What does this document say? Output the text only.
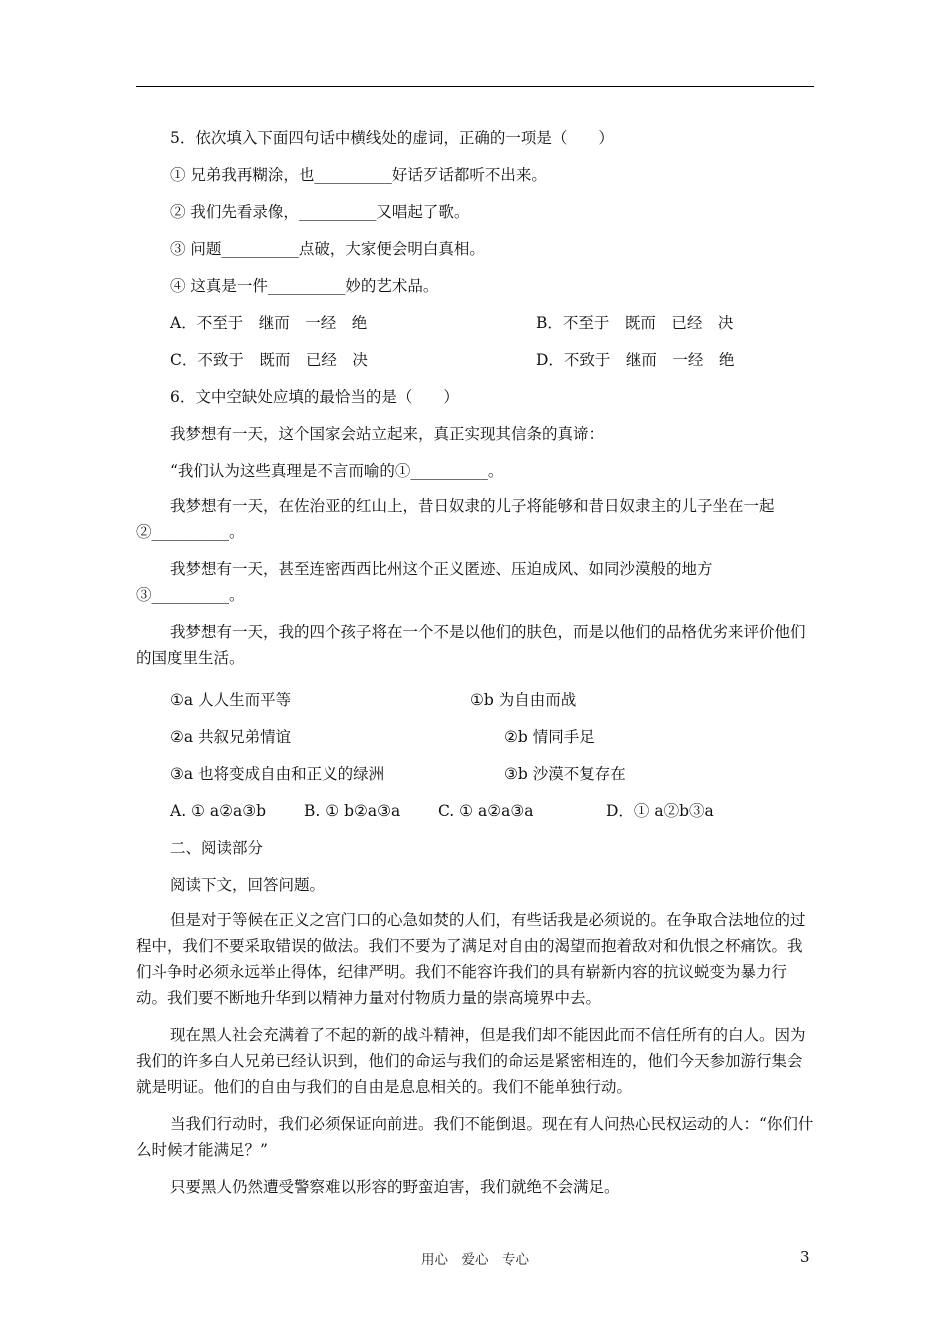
5．依次填入下面四句话中横线处的虚词，正确的一项是（　　）
① 兄弟我再糊涂，也__________好话歹话都听不出来。
② 我们先看录像，__________又唱起了歌。
③ 问题__________点破，大家便会明白真相。
④ 这真是一件__________妙的艺术品。
A．不至于　继而　一经　绝	B．不至于　既而　已经　决
C．不致于　既而　已经　决	D．不致于　继而　一经　绝
6．文中空缺处应填的最恰当的是（　　）
我梦想有一天，这个国家会站立起来，真正实现其信条的真谛：
“我们认为这些真理是不言而喻的①__________。
我梦想有一天，在佐治亚的红山上，昔日奴隶的儿子将能够和昔日奴隶主的儿子坐在一起②__________。
我梦想有一天，甚至连密西西比州这个正义匿迹、压迫成风、如同沙漠般的地方③__________。
我梦想有一天，我的四个孩子将在一个不是以他们的肤色，而是以他们的品格优劣来评价他们的国度里生活。
①a 人人生而平等	①b 为自由而战
②a 共叙兄弟情谊	②b 情同手足
③a 也将变成自由和正义的绿洲	③b 沙漠不复存在
A. ① a②a③b	B. ① b②a③a	C. ① a②a③a	D．① a②b③a
二、阅读部分
阅读下文，回答问题。
但是对于等候在正义之宫门口的心急如焚的人们，有些话我是必须说的。在争取合法地位的过程中，我们不要采取错误的做法。我们不要为了满足对自由的渴望而抱着敌对和仇恨之杯痛饮。我们斗争时必须永远举止得体，纪律严明。我们不能容许我们的具有崭新内容的抗议蜕变为暴力行动。我们要不断地升华到以精神力量对付物质力量的崇高境界中去。
现在黑人社会充满着了不起的新的战斗精神，但是我们却不能因此而不信任所有的白人。因为我们的许多白人兄弟已经认识到，他们的命运与我们的命运是紧密相连的，他们今天参加游行集会就是明证。他们的自由与我们的自由是息息相关的。我们不能单独行动。
当我们行动时，我们必须保证向前进。我们不能倒退。现在有人问热心民权运动的人：“你们什么时候才能满足？”
只要黑人仍然遭受警察难以形容的野蛮迫害，我们就绝不会满足。
用心　爱心　专心	3
